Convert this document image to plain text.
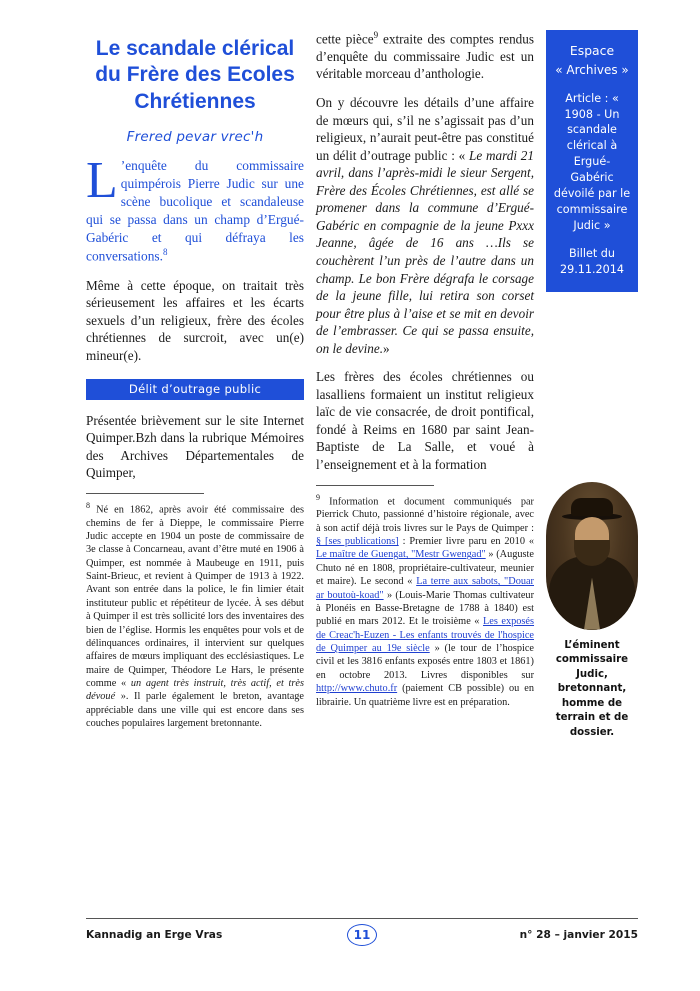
Le scandale clérical
du Frère des Ecoles
Chrétiennes
Frered pevar vrec'h

L ’enquête du commissaire quimpérois Pierre Judic sur une scène bucolique et scandaleuse qui se passa dans un champ d’Ergué-Gabéric et qui défraya les conversations.$^8$

Même à cette époque, on traitait très sérieusement les affaires et les écarts sexuels d’un religieux, frère des écoles chrétiennes de surcroit, avec un(e) mineur(e).

Délit d’outrage public

Présentée brièvement sur le site Internet Quimper.Bzh dans la rubrique Mémoires des Archives Départementales de Quimper,

$^8$ Né en 1862, après avoir été commissaire des chemins de fer à Dieppe, le commissaire Pierre Judic accepte en 1904 un poste de commissaire de 3e classe à Concarneau, avant d’être muté en 1906 à Quimper, est nommée à Maubeuge en 1911, puis Saint-Brieuc, et revient à Quimper de 1913 à 1922. Avant son entrée dans la police, le fin limier était instituteur public et répétiteur de lycée. À ses début à Quimper il est très sollicité lors des inventaires des bien de l’église. Hormis les enquêtes pour vols et de délinquances ordinaires, il intervient sur quelques affaires de mœurs impliquant des ecclésiastiques. Le maire de Quimper, Théodore Le Hars, le présente comme « un agent très instruit, très actif, et très dévoué ». Il parle également le breton, avantage appréciable dans une ville qui est encore dans ses couches populaires largement bretonnante.

cette pièce$^9$ extraite des comptes rendus d’enquête du commissaire Judic est un véritable morceau d’anthologie.

On y découvre les détails d’une affaire de mœurs qui, s’il ne s’agissait pas d’un religieux, n’aurait peut-être pas constitué un délit d’outrage public : « Le mardi 21 avril, dans l’après-midi le sieur Sergent, Frère des Écoles Chrétiennes, est allé se promener dans la commune d’Ergué-Gabéric en compagnie de la jeune Pxxx Jeanne, âgée de 16 ans …Ils se couchèrent l’un près de l’autre dans un champ. Le bon Frère dégrafa le corsage de la jeune fille, lui retira son corset pour être plus à l’aise et se mit en devoir de l’embrasser. Ce qui se passa ensuite, on le devine.»

Les frères des écoles chrétiennes ou lasalliens formaient un institut religieux laïc de vie consacrée, de droit pontifical, fondé à Reims en 1680 par saint Jean-Baptiste de La Salle, et voué à l’enseignement et à la formation

$^9$ Information et document communiqués par Pierrick Chuto, passionné d’histoire régionale, avec à son actif déjà trois livres sur le Pays de Quimper : § [ses publications] : Premier livre paru en 2010 « Le maître de Guengat, "Mestr Gwengad" » (Auguste Chuto né en 1808, propriétaire-cultivateur, meunier et maire). Le second « La terre aux sabots, "Douar ar boutoù-koad" » (Louis-Marie Thomas cultivateur à Plonéis en Basse-Bretagne de 1788 à 1840) est publié en mars 2012. Et le troisième « Les exposés de Creac'h-Euzen - Les enfants trouvés de l'hospice de Quimper au 19e siècle » (le tour de l’hospice civil et les 3816 enfants exposés entre 1803 et 1861) en octobre 2013. Livres disponibles sur http://www.chuto.fr (paiement CB possible) ou en librairie. Un quatrième livre est en préparation.

Espace
« Archives »
Article : « 1908 - Un scandale clérical à Ergué-Gabéric dévoilé par le commissaire Judic »
Billet du 29.11.2014
L’éminent commissaire Judic, bretonnant, homme de terrain et de dossier.
Kannadig an Erge Vras	11	n° 28 – janvier 2015
